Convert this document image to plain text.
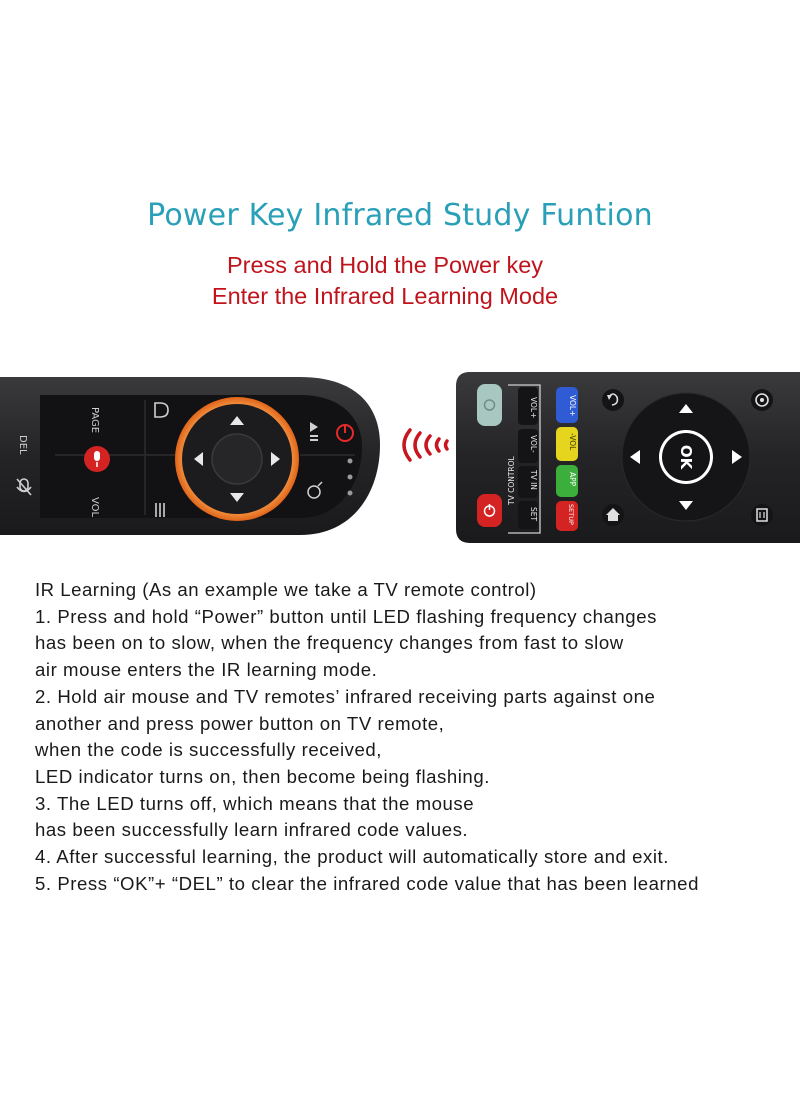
Power Key Infrared Study Funtion

Press and Hold the Power key

Enter the Infrared Learning Mode

DEL
PAGE
VOL
TV CONTROL
VOL+
VOL-
TV IN
SET
VOL+
-VOL
APP
SETUP
OK
IR Learning (As an example we take a TV remote control)
1. Press and hold “Power” button until LED flashing frequency changes
has been on to slow, when the frequency changes from fast to slow
air mouse enters the IR learning mode.
2. Hold air mouse and TV remotes’ infrared receiving parts against one
another and press power button on TV remote,
when the code is successfully received,
LED indicator turns on, then become being flashing.
3. The LED turns off, which means that the mouse
has been successfully learn infrared code values.
4. After successful learning, the product will automatically store and exit.
5. Press “OK”+ “DEL” to clear the infrared code value that has been learned
